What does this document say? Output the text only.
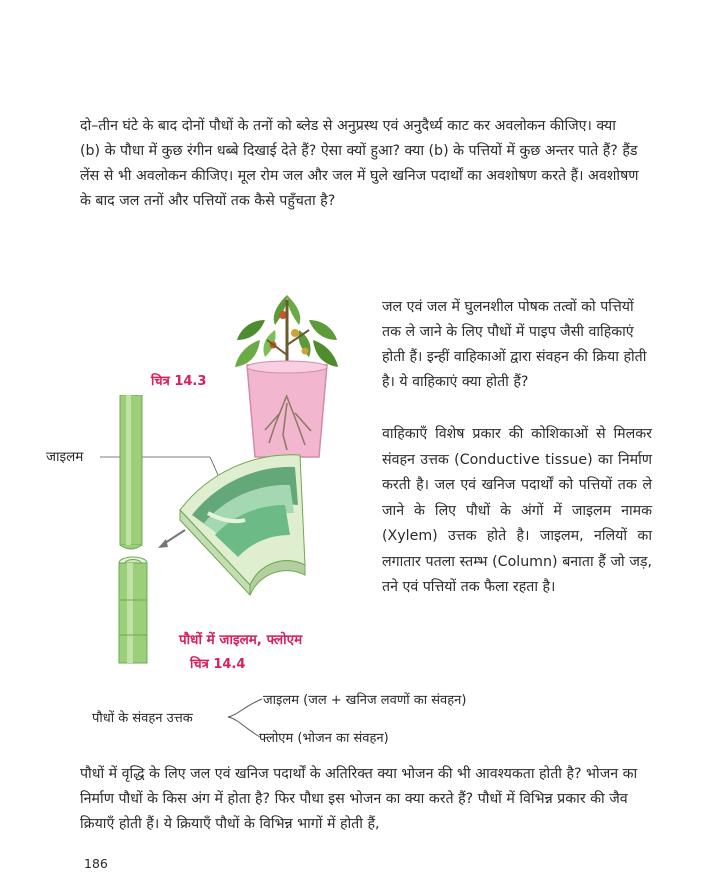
दो–तीन घंटे के बाद दोनों पौधों के तनों को ब्लेड से अनुप्रस्थ एवं अनुदैर्ध्य काट कर अवलोकन कीजिए। क्या (b) के पौधा में कुछ रंगीन धब्बे दिखाई देते हैं? ऐसा क्यों हुआ? क्या (b) के पत्तियों में कुछ अन्तर पाते हैं? हैंड लेंस से भी अवलोकन कीजिए। मूल रोम जल और जल में घुले खनिज पदार्थों का अवशोषण करते हैं। अवशोषण के बाद जल तनों और पत्तियों तक कैसे पहुँचता है?

चित्र 14.3
जाइलम
पौधों में जाइलम, फ्लोएम
चित्र 14.4

जल एवं जल में घुलनशील पोषक तत्वों को पत्तियों तक ले जाने के लिए पौधों में पाइप जैसी वाहिकाएं होती हैं। इन्हीं वाहिकाओं द्वारा संवहन की क्रिया होती है। ये वाहिकाएं क्या होती हैं?

वाहिकाएँ विशेष प्रकार की कोशिकाओं से मिलकर संवहन उत्तक (Conductive tissue) का निर्माण करती है। जल एवं खनिज पदार्थों को पत्तियों तक ले जाने के लिए पौधों के अंगों में जाइलम नामक (Xylem) उत्तक होते है। जाइलम, नलियों का लगातार पतला स्तम्भ (Column) बनाता हैं जो जड़, तने एवं पत्तियों तक फैला रहता है।

पौधों के संवहन उत्तक
जाइलम (जल + खनिज लवणों का संवहन)
फ्लोएम (भोजन का संवहन)

पौधों में वृद्धि के लिए जल एवं खनिज पदार्थों के अतिरिक्त क्या भोजन की भी आवश्यकता होती है? भोजन का निर्माण पौधों के किस अंग में होता है? फिर पौधा इस भोजन का क्या करते हैं? पौधों में विभिन्न प्रकार की जैव क्रियाएँ होती हैं। ये क्रियाएँ पौधों के विभिन्न भागों में होती हैं,

186
